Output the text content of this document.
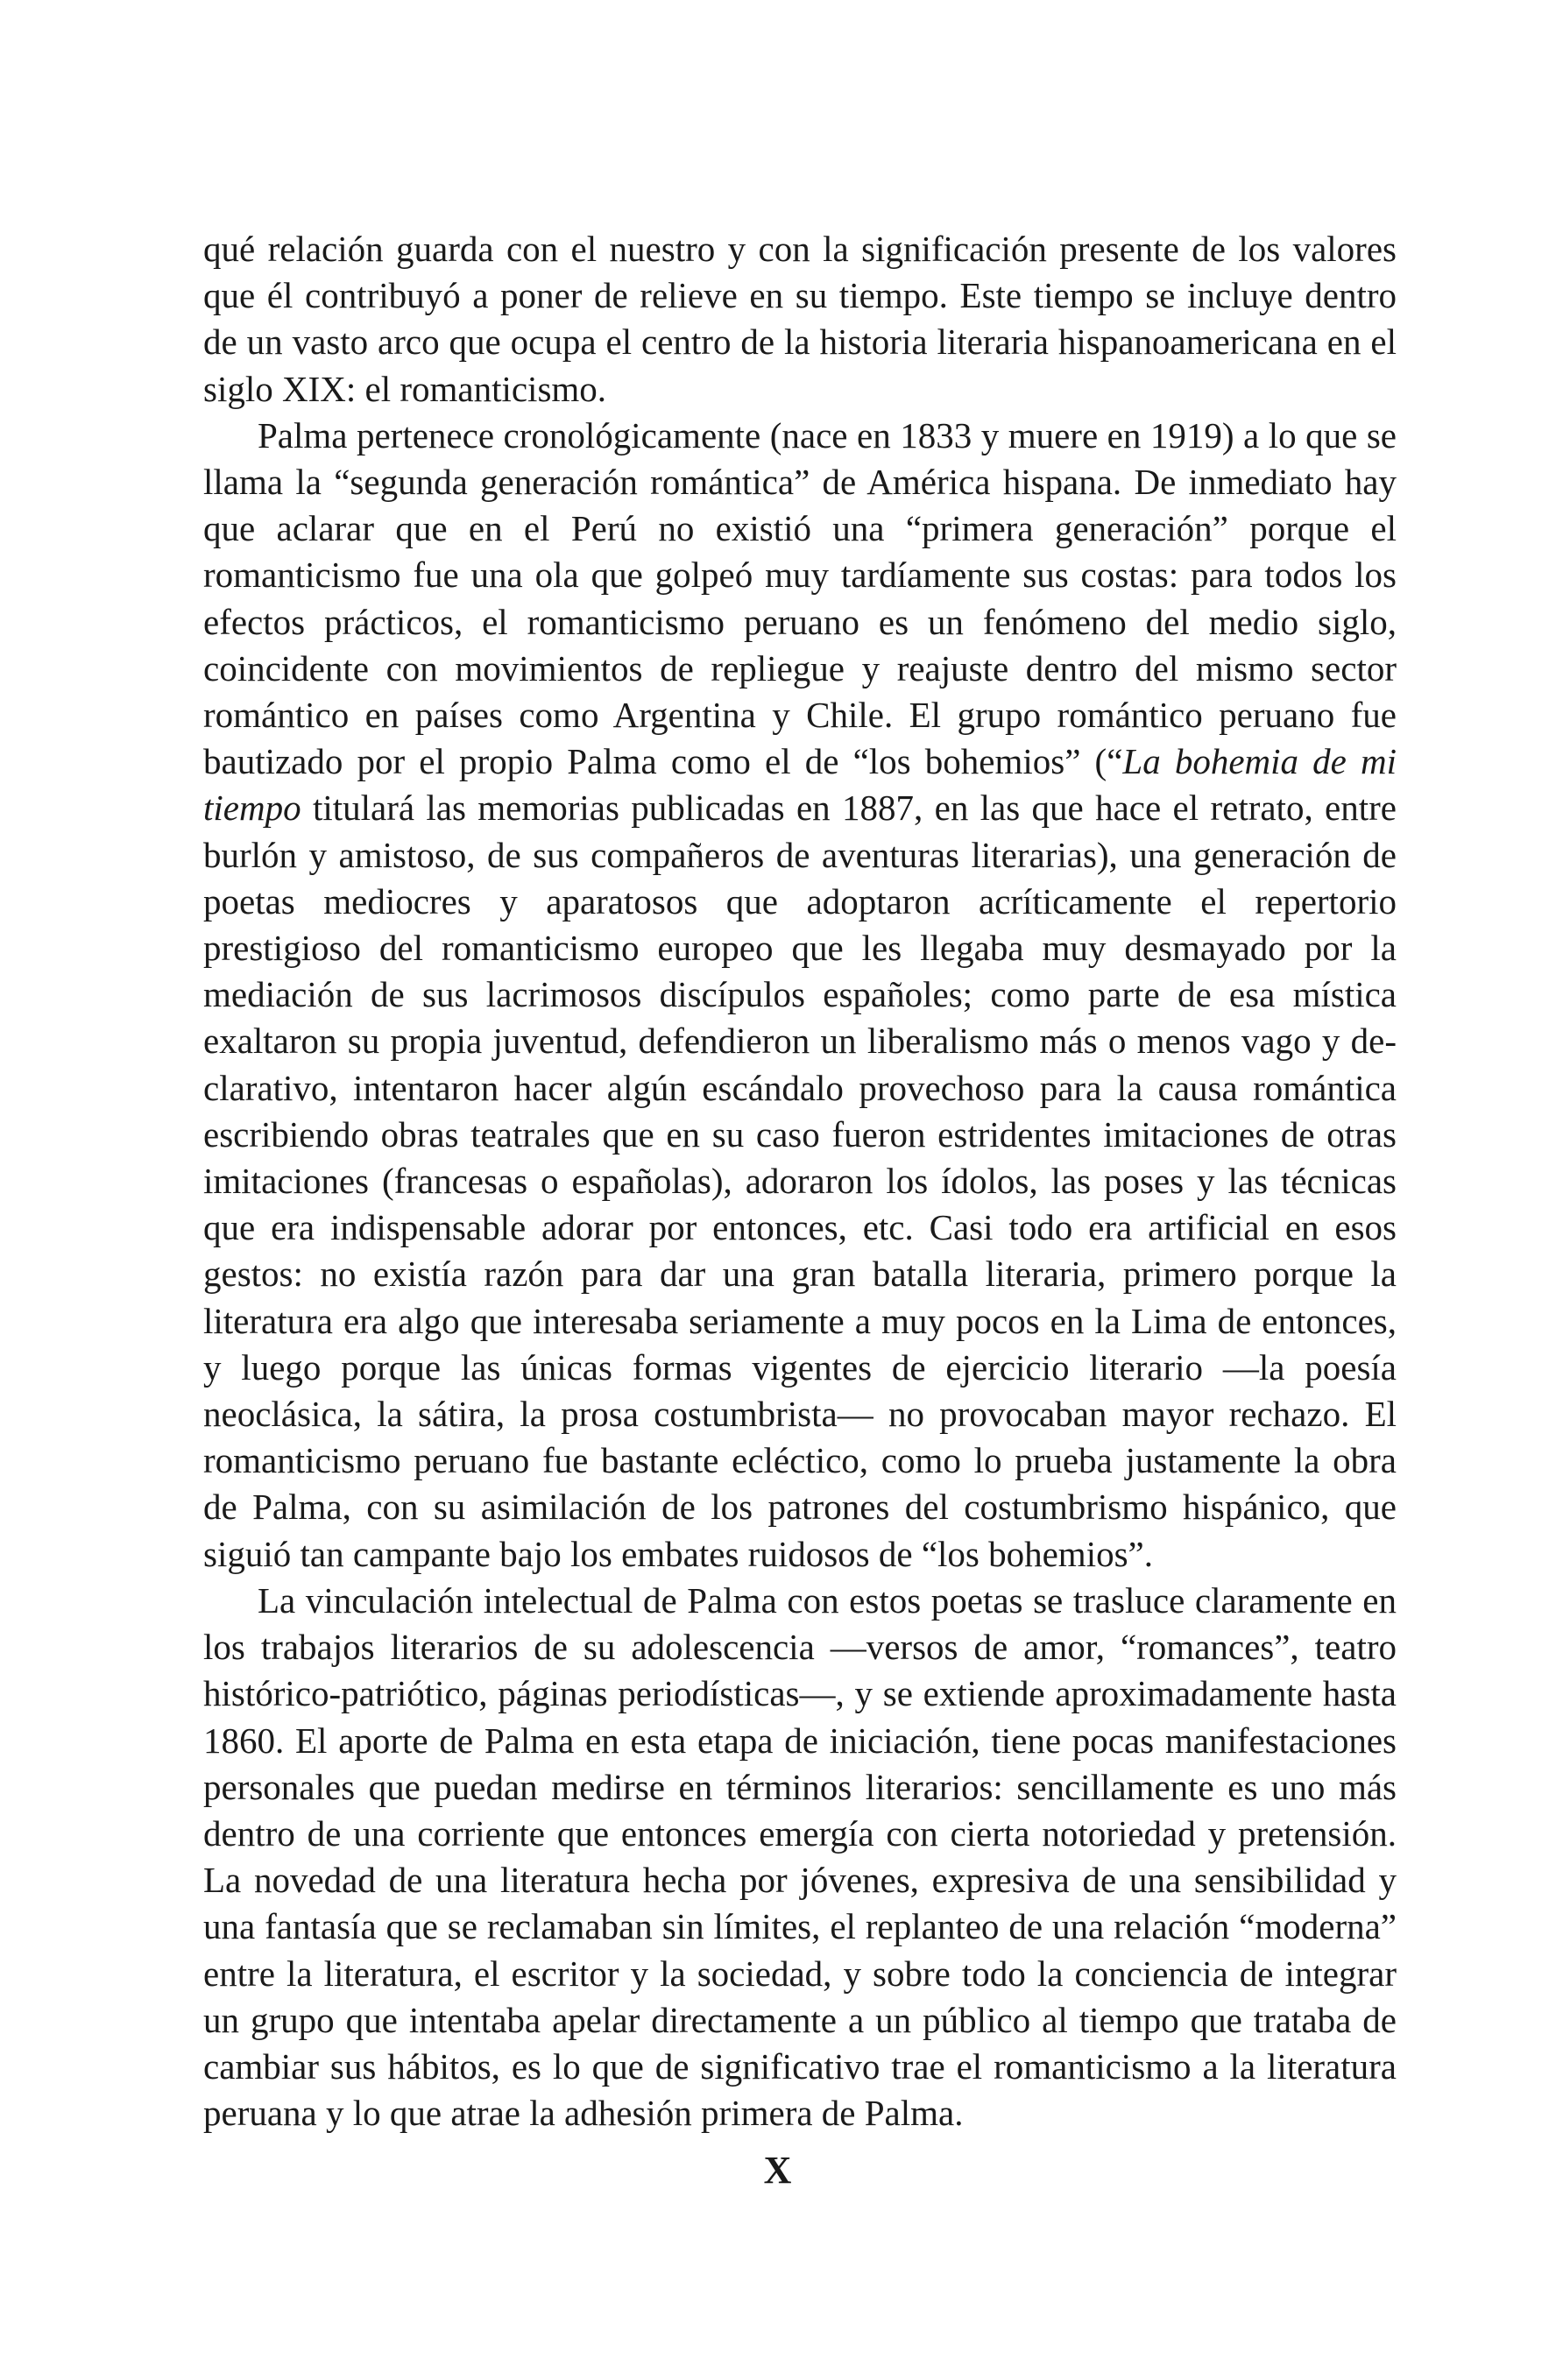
qué relación guarda con el nuestro y con la significación presente de los valores que él contribuyó a poner de relieve en su tiempo. Este tiempo se incluye dentro de un vasto arco que ocupa el centro de la historia literaria hispanoamericana en el siglo XIX: el romanticismo.

Palma pertenece cronológicamente (nace en 1833 y muere en 1919) a lo que se llama la “segunda generación romántica” de América hispana. De inmediato hay que aclarar que en el Perú no existió una “primera generación” porque el romanticismo fue una ola que golpeó muy tardíamente sus costas: para todos los efectos prácticos, el romanticismo peruano es un fenómeno del medio siglo, coincidente con movimientos de repliegue y reajuste dentro del mismo sector romántico en países como Argentina y Chile. El grupo romántico peruano fue bautizado por el propio Palma como el de “los bohemios” (“La bohemia de mi tiempo titulará las memorias publicadas en 1887, en las que hace el retrato, entre burlón y amistoso, de sus compañeros de aventuras literarias), una generación de poetas mediocres y aparatosos que adoptaron acríticamente el repertorio prestigioso del romanticismo europeo que les llegaba muy desmayado por la mediación de sus lacrimosos discípulos españoles; como parte de esa mística exaltaron su propia juventud, defendieron un liberalismo más o menos vago y declarativo, intentaron hacer algún escándalo provechoso para la causa romántica escribiendo obras teatrales que en su caso fueron estridentes imitaciones de otras imitaciones (francesas o españolas), adoraron los ídolos, las poses y las técnicas que era indispensable adorar por entonces, etc. Casi todo era artificial en esos gestos: no existía razón para dar una gran batalla literaria, primero porque la literatura era algo que interesaba seriamente a muy pocos en la Lima de entonces, y luego porque las únicas formas vigentes de ejercicio literario —la poesía neoclásica, la sátira, la prosa costumbrista— no provocaban mayor rechazo. El romanticismo peruano fue bastante ecléctico, como lo prueba justamente la obra de Palma, con su asimilación de los patrones del costumbrismo hispánico, que siguió tan campante bajo los embates ruidosos de “los bohemios”.

La vinculación intelectual de Palma con estos poetas se trasluce claramente en los trabajos literarios de su adolescencia —versos de amor, “romances”, teatro histórico-patriótico, páginas periodísticas—, y se extiende aproximadamente hasta 1860. El aporte de Palma en esta etapa de iniciación, tiene pocas manifestaciones personales que puedan medirse en términos literarios: sencillamente es uno más dentro de una corriente que entonces emergía con cierta notoriedad y pretensión. La novedad de una literatura hecha por jóvenes, expresiva de una sensibilidad y una fantasía que se reclamaban sin límites, el replanteo de una relación “moderna” entre la literatura, el escritor y la sociedad, y sobre todo la conciencia de integrar un grupo que intentaba apelar directamente a un público al tiempo que trataba de cambiar sus hábitos, es lo que de significativo trae el romanticismo a la literatura peruana y lo que atrae la adhesión primera de Palma.

X
